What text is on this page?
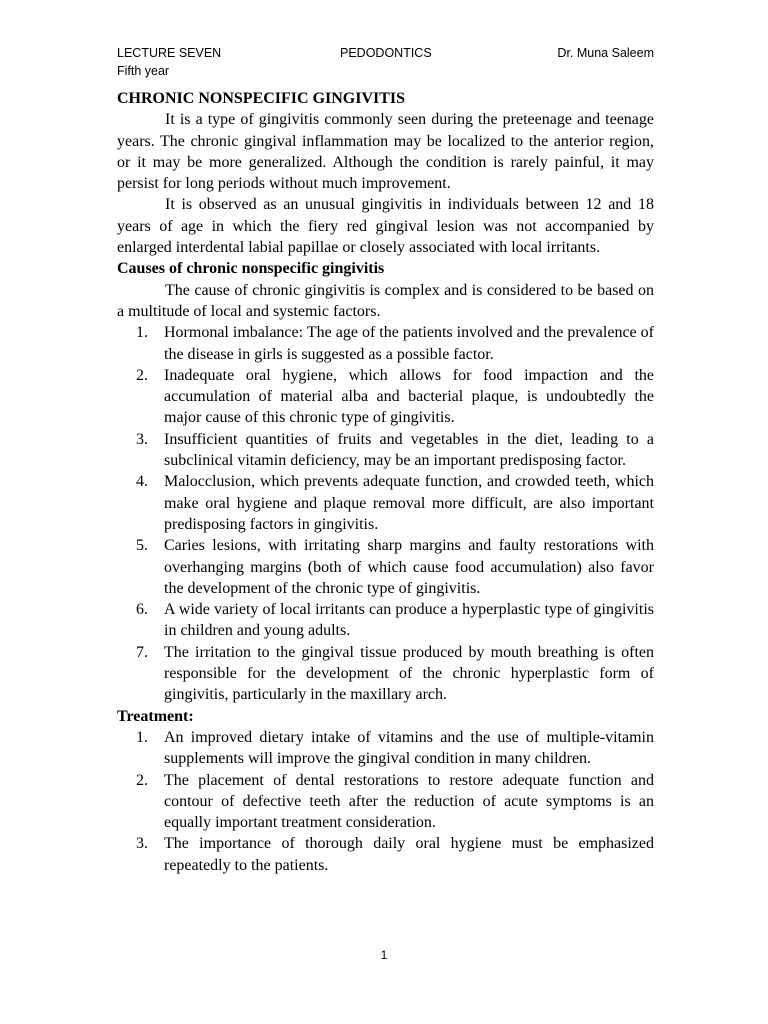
LECTURE SEVEN	PEDODONTICS	Dr. Muna Saleem
Fifth year
CHRONIC NONSPECIFIC GINGIVITIS

It is a type of gingivitis commonly seen during the preteenage and teenage years. The chronic gingival inflammation may be localized to the anterior region, or it may be more generalized. Although the condition is rarely painful, it may persist for long periods without much improvement.

It is observed as an unusual gingivitis in individuals between 12 and 18 years of age in which the fiery red gingival lesion was not accompanied by enlarged interdental labial papillae or closely associated with local irritants.

Causes of chronic nonspecific gingivitis

The cause of chronic gingivitis is complex and is considered to be based on a multitude of local and systemic factors.

1. Hormonal imbalance: The age of the patients involved and the prevalence of the disease in girls is suggested as a possible factor.
2. Inadequate oral hygiene, which allows for food impaction and the accumulation of material alba and bacterial plaque, is undoubtedly the major cause of this chronic type of gingivitis.
3. Insufficient quantities of fruits and vegetables in the diet, leading to a subclinical vitamin deficiency, may be an important predisposing factor.
4. Malocclusion, which prevents adequate function, and crowded teeth, which make oral hygiene and plaque removal more difficult, are also important predisposing factors in gingivitis.
5. Caries lesions, with irritating sharp margins and faulty restorations with overhanging margins (both of which cause food accumulation) also favor the development of the chronic type of gingivitis.
6. A wide variety of local irritants can produce a hyperplastic type of gingivitis in children and young adults.
7. The irritation to the gingival tissue produced by mouth breathing is often responsible for the development of the chronic hyperplastic form of gingivitis, particularly in the maxillary arch.
Treatment:
1. An improved dietary intake of vitamins and the use of multiple-vitamin supplements will improve the gingival condition in many children.
2. The placement of dental restorations to restore adequate function and contour of defective teeth after the reduction of acute symptoms is an equally important treatment consideration.
3. The importance of thorough daily oral hygiene must be emphasized repeatedly to the patients.
1
